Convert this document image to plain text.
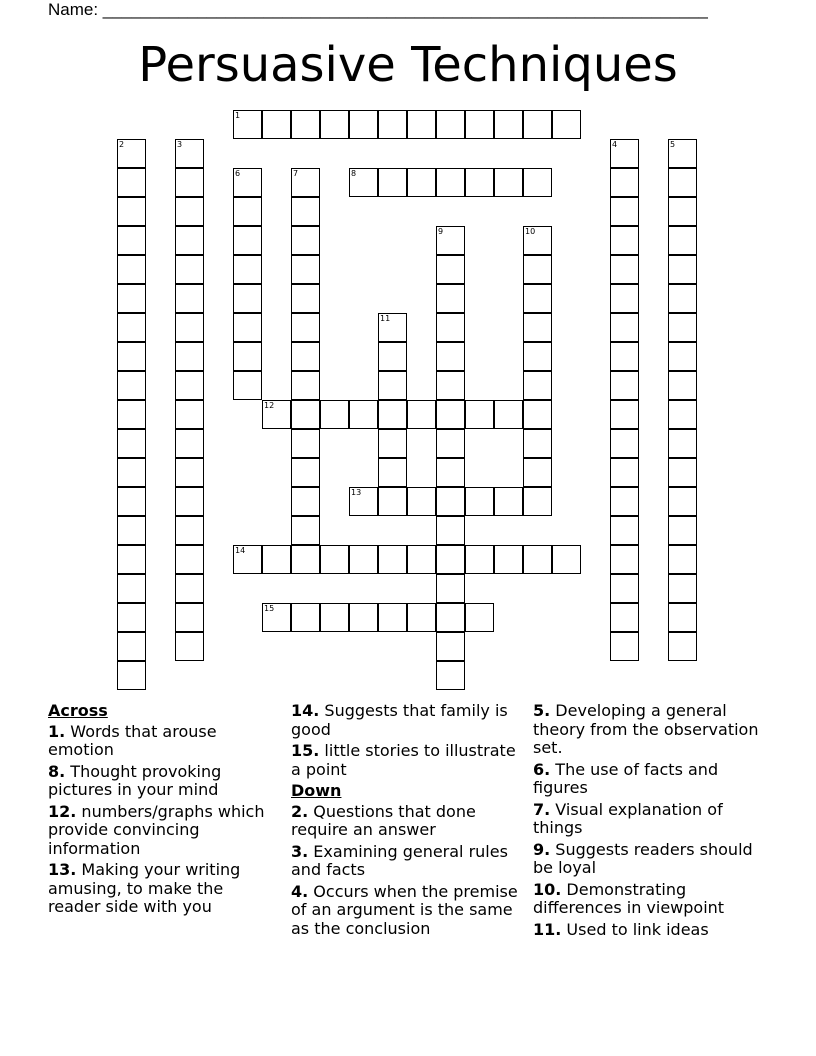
Name: ________________________________________________________________
Persuasive Techniques
1
2	3	4	5
6	7	8
9	10
11
12
13
14
15
Across
1. Words that arouse emotion
8. Thought provoking pictures in your mind
12. numbers/graphs which provide convincing information
13. Making your writing amusing, to make the reader side with you
14. Suggests that family is good
15. little stories to illustrate a point
Down
2. Questions that done require an answer
3. Examining general rules and facts
4. Occurs when the premise of an argument is the same as the conclusion
5. Developing a general theory from the observation set.
6. The use of facts and figures
7. Visual explanation of things
9. Suggests readers should be loyal
10. Demonstrating differences in viewpoint
11. Used to link ideas
